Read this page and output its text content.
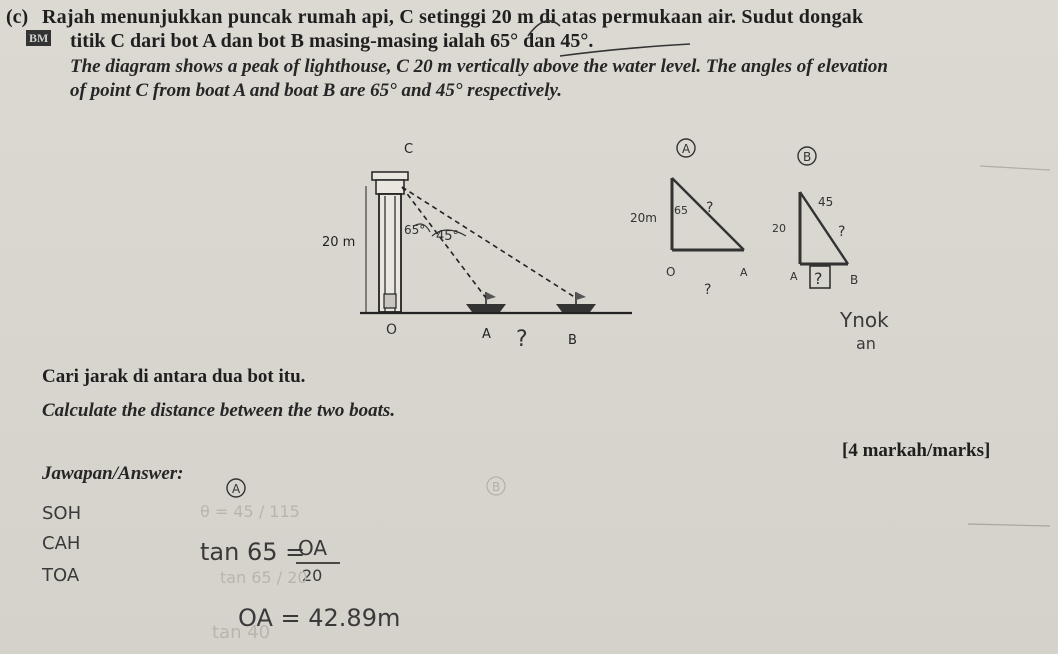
(c) Rajah menunjukkan puncak rumah api, C setinggi 20 m di atas permukaan air. Sudut dongak
BM titik C dari bot A dan bot B masing-masing ialah 65° dan 45°.
The diagram shows a peak of lighthouse, C 20 m vertically above the water level. The angles of elevation
of point C from boat A and boat B are 65° and 45° respectively.
C
20 m
A	B
O	?
65° 45°
A
B
20m
65 ?
O
?
A
45
20	?
A ? B
A	B
Ynok
an
Cari jarak di antara dua bot itu.
Calculate the distance between the two boats.
[4 markah/marks]
Jawapan/Answer:
SOH
CAH
TOA
tan 65 =
OA
20
OA = 42.89m
tan 65 / 20
tan 40
θ = 45 / 115
